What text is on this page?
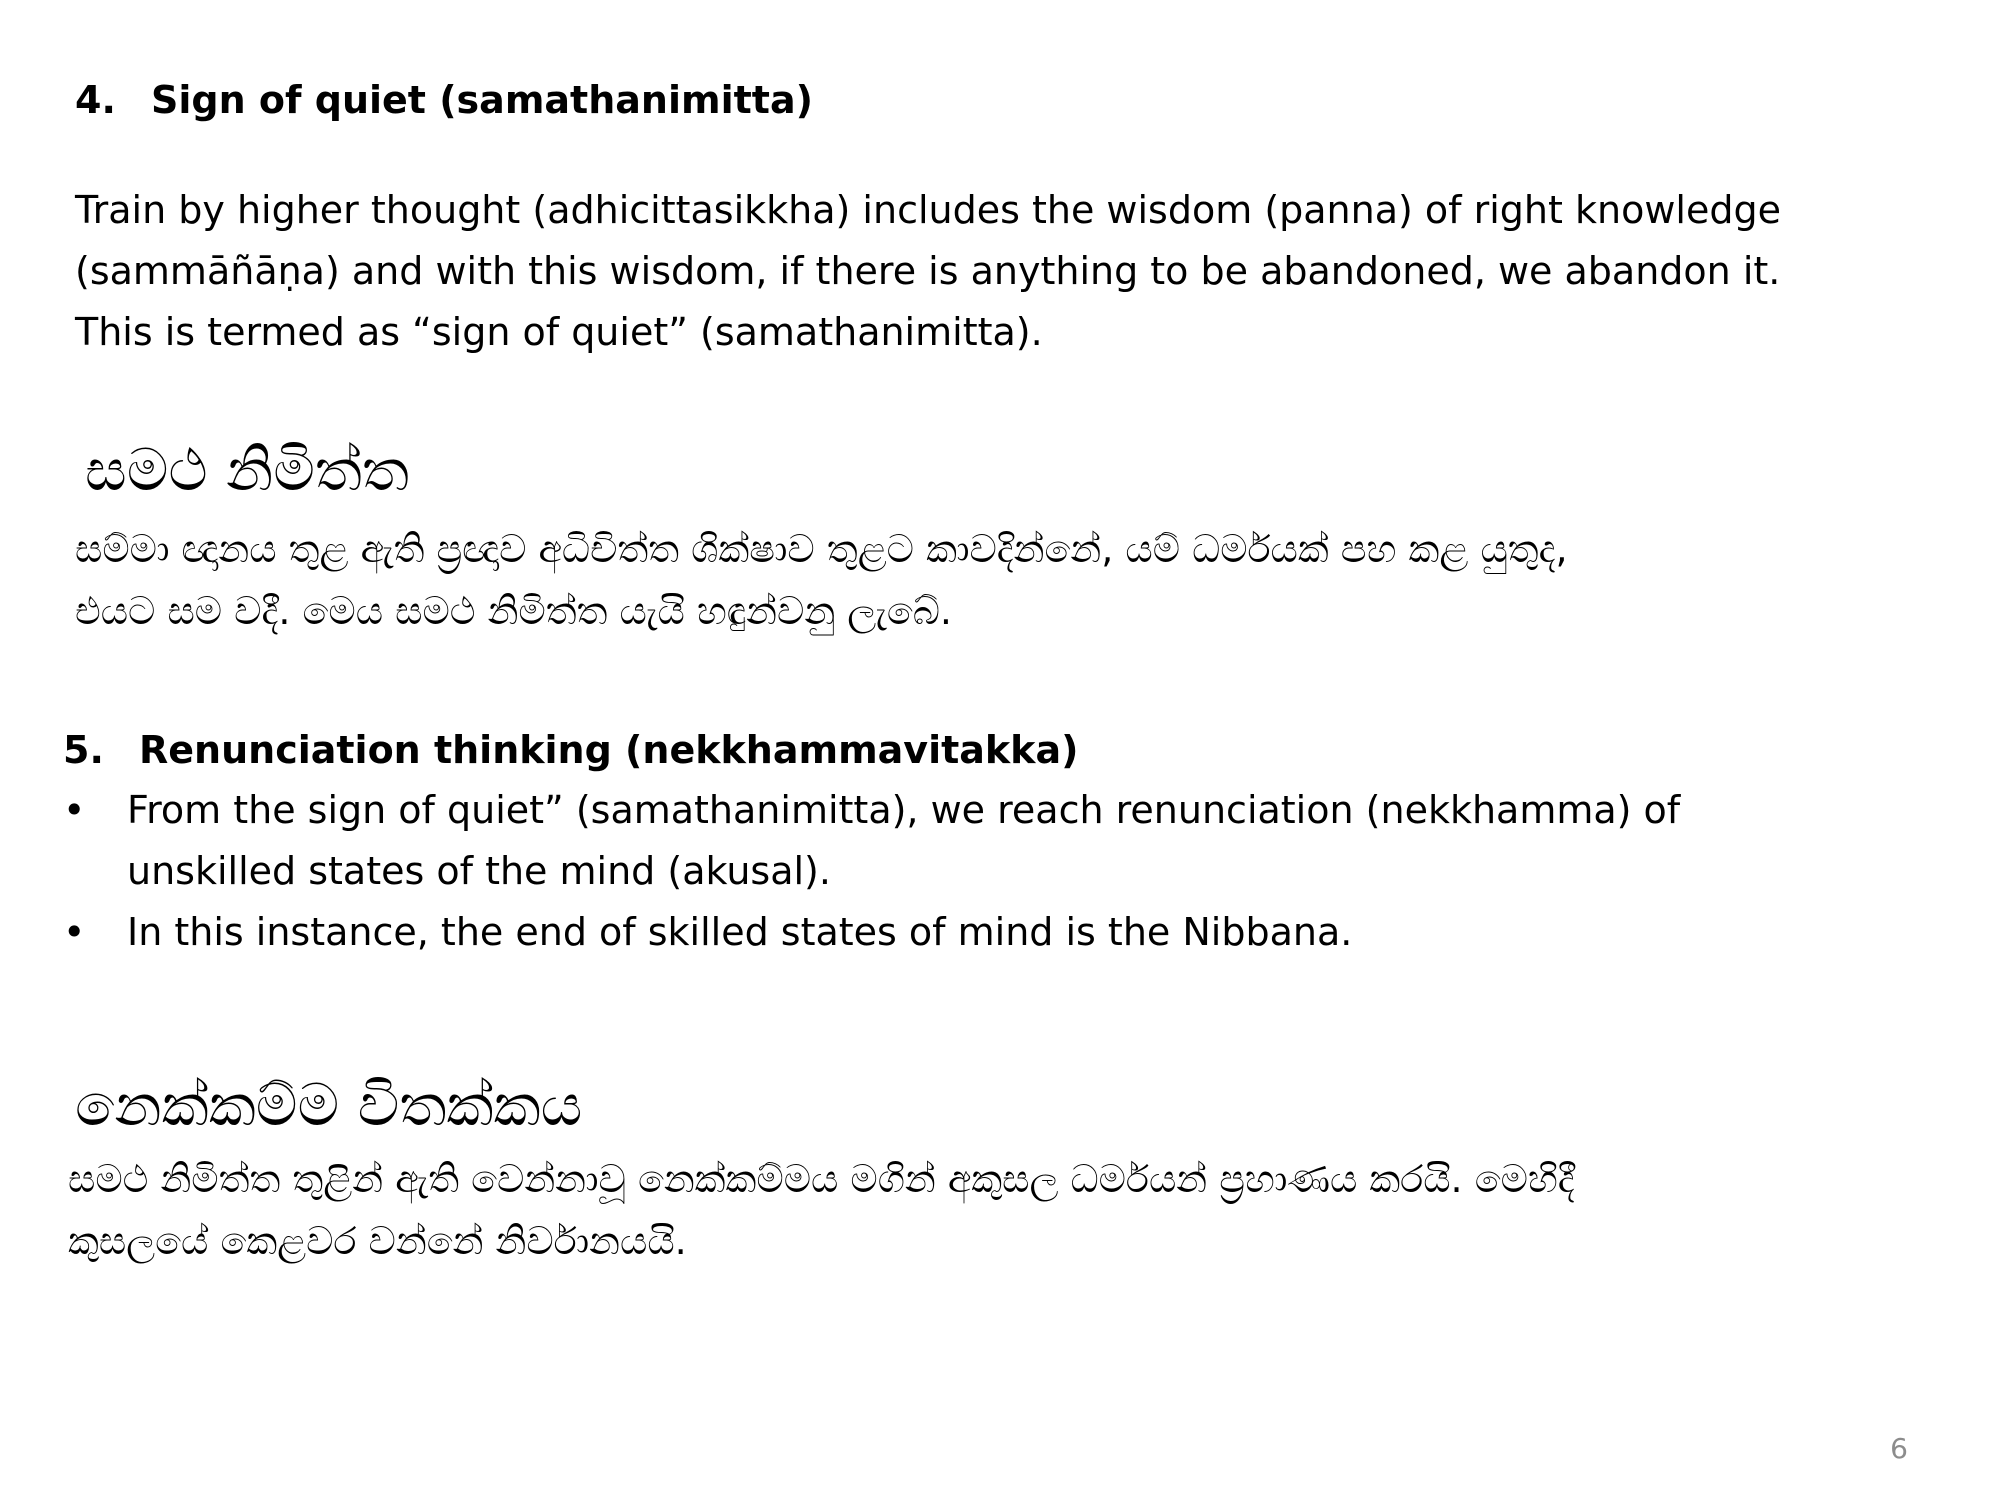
4. Sign of quiet (samathanimitta)
Train by higher thought (adhicittasikkha) includes the wisdom (panna) of right knowledge
(sammāñāṇa) and with this wisdom, if there is anything to be abandoned, we abandon it.
This is termed as “sign of quiet” (samathanimitta).
සමථ නිමිත්ත
සම්මා ඥානය තුළ ඇති ප්‍රඥාව අධිචිත්ත ශික්ෂාව තුළට කාවදින්නේ, යම් ධර්මයක් පහ කළ යුතුද,
එයට සම වදී. මෙය සමථ නිමිත්ත යැයි හඳුන්වනු ලැබේ.
5. Renunciation thinking (nekkhammavitakka)
•	From the sign of quiet” (samathanimitta), we reach renunciation (nekkhamma) of
unskilled states of the mind (akusal).
•	In this instance, the end of skilled states of mind is the Nibbana.
නෙක්කම්ම විතක්කය
සමථ නිමිත්ත තුළින් ඇති වෙන්නාවූ නෙක්කම්මය මගින් අකුසල ධර්මයන් ප්‍රහාණය කරයි. මෙහිදී
කුසලයේ කෙළවර වන්නේ නිර්වානයයි.
6
